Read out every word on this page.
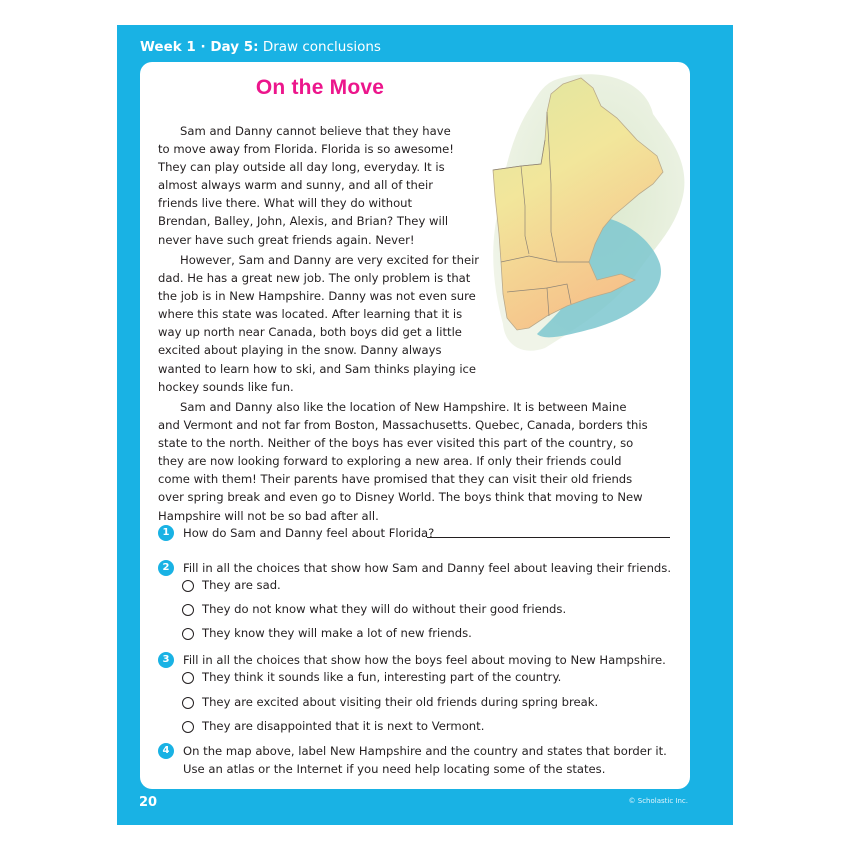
Week 1 · Day 5: Draw conclusions
On the Move

Sam and Danny cannot believe that they have to move away from Florida. Florida is so awesome! They can play outside all day long, everyday. It is almost always warm and sunny, and all of their friends live there. What will they do without Brendan, Balley, John, Alexis, and Brian? They will never have such great friends again. Never!

However, Sam and Danny are very excited for their dad. He has a great new job. The only problem is that the job is in New Hampshire. Danny was not even sure where this state was located. After learning that it is way up north near Canada, both boys did get a little excited about playing in the snow. Danny always wanted to learn how to ski, and Sam thinks playing ice hockey sounds like fun.

Sam and Danny also like the location of New Hampshire. It is between Maine and Vermont and not far from Boston, Massachusetts. Quebec, Canada, borders this state to the north. Neither of the boys has ever visited this part of the country, so they are now looking forward to exploring a new area. If only their friends could come with them! Their parents have promised that they can visit their old friends over spring break and even go to Disney World. The boys think that moving to New Hampshire will not be so bad after all.

1	How do Sam and Danny feel about Florida?
2	Fill in all the choices that show how Sam and Danny feel about leaving their friends.
They are sad.
They do not know what they will do without their good friends.
They know they will make a lot of new friends.
3	Fill in all the choices that show how the boys feel about moving to New Hampshire.
They think it sounds like a fun, interesting part of the country.
They are excited about visiting their old friends during spring break.
They are disappointed that it is next to Vermont.
4	On the map above, label New Hampshire and the country and states that border it. Use an atlas or the Internet if you need help locating some of the states.
20	© Scholastic Inc.
